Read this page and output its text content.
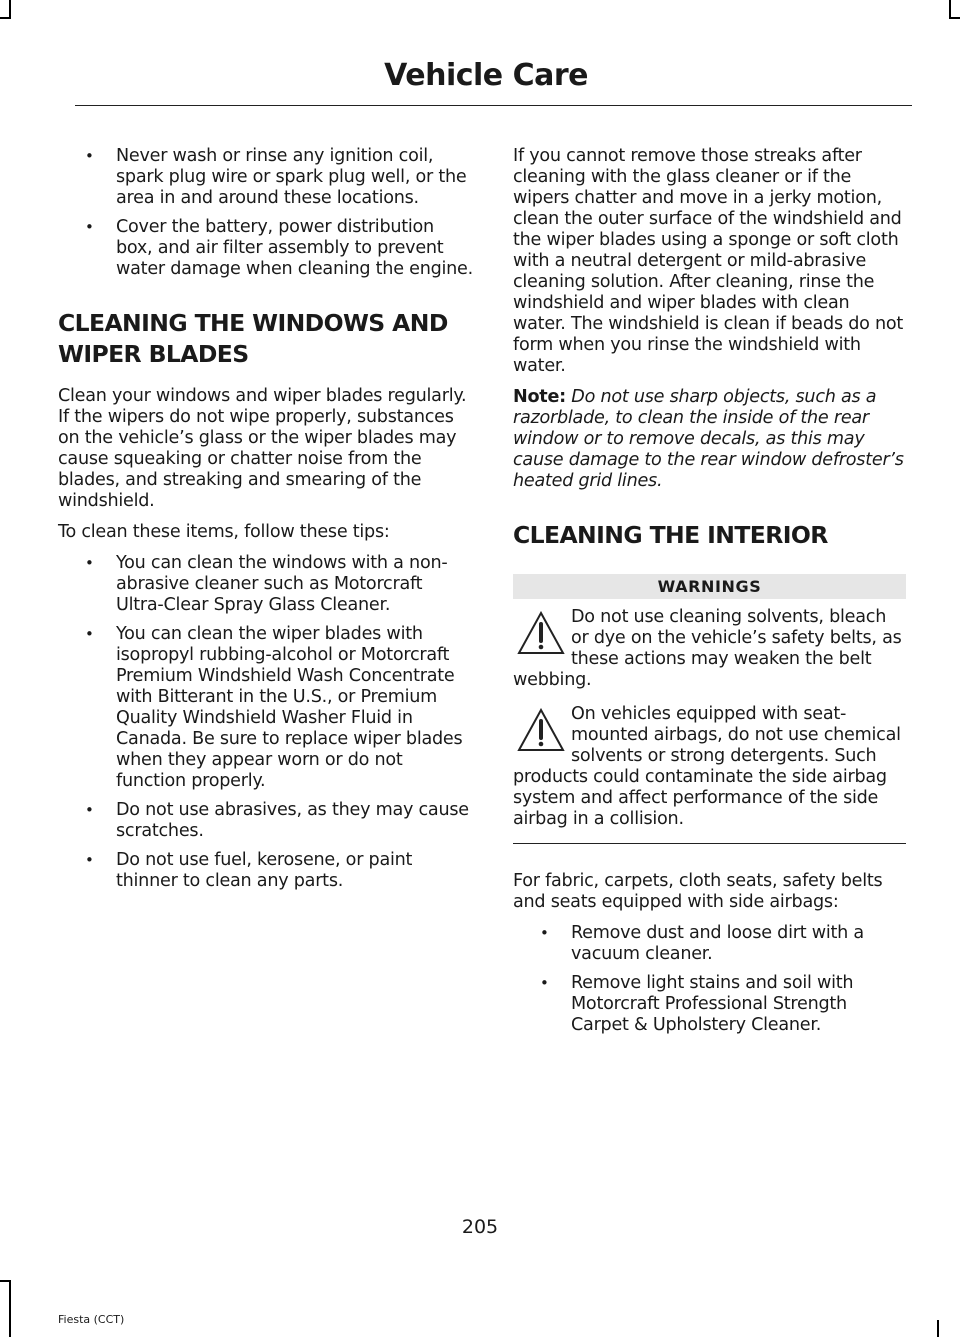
Vehicle Care
• Never wash or rinse any ignition coil, spark plug wire or spark plug well, or the area in and around these locations.
• Cover the battery, power distribution box, and air filter assembly to prevent water damage when cleaning the engine.
CLEANING THE WINDOWS AND
WIPER BLADES

Clean your windows and wiper blades regularly. If the wipers do not wipe properly, substances on the vehicle’s glass or the wiper blades may cause squeaking or chatter noise from the blades, and streaking and smearing of the windshield.

To clean these items, follow these tips:

• You can clean the windows with a non-abrasive cleaner such as Motorcraft Ultra-Clear Spray Glass Cleaner.
• You can clean the wiper blades with isopropyl rubbing-alcohol or Motorcraft Premium Windshield Wash Concentrate with Bitterant in the U.S., or Premium Quality Windshield Washer Fluid in Canada. Be sure to replace wiper blades when they appear worn or do not function properly.
• Do not use abrasives, as they may cause scratches.
• Do not use fuel, kerosene, or paint thinner to clean any parts.

If you cannot remove those streaks after cleaning with the glass cleaner or if the wipers chatter and move in a jerky motion, clean the outer surface of the windshield and the wiper blades using a sponge or soft cloth with a neutral detergent or mild-abrasive cleaning solution. After cleaning, rinse the windshield and wiper blades with clean water. The windshield is clean if beads do not form when you rinse the windshield with water.

Note: Do not use sharp objects, such as a razorblade, to clean the inside of the rear window or to remove decals, as this may cause damage to the rear window defroster’s heated grid lines.

CLEANING THE INTERIOR
WARNINGS
Do not use cleaning solvents, bleach or dye on the vehicle’s safety belts, as these actions may weaken the belt webbing.
On vehicles equipped with seat-mounted airbags, do not use chemical solvents or strong detergents. Such products could contaminate the side airbag system and affect performance of the side airbag in a collision.

For fabric, carpets, cloth seats, safety belts and seats equipped with side airbags:

• Remove dust and loose dirt with a vacuum cleaner.
• Remove light stains and soil with Motorcraft Professional Strength Carpet & Upholstery Cleaner.
205
Fiesta (CCT)
